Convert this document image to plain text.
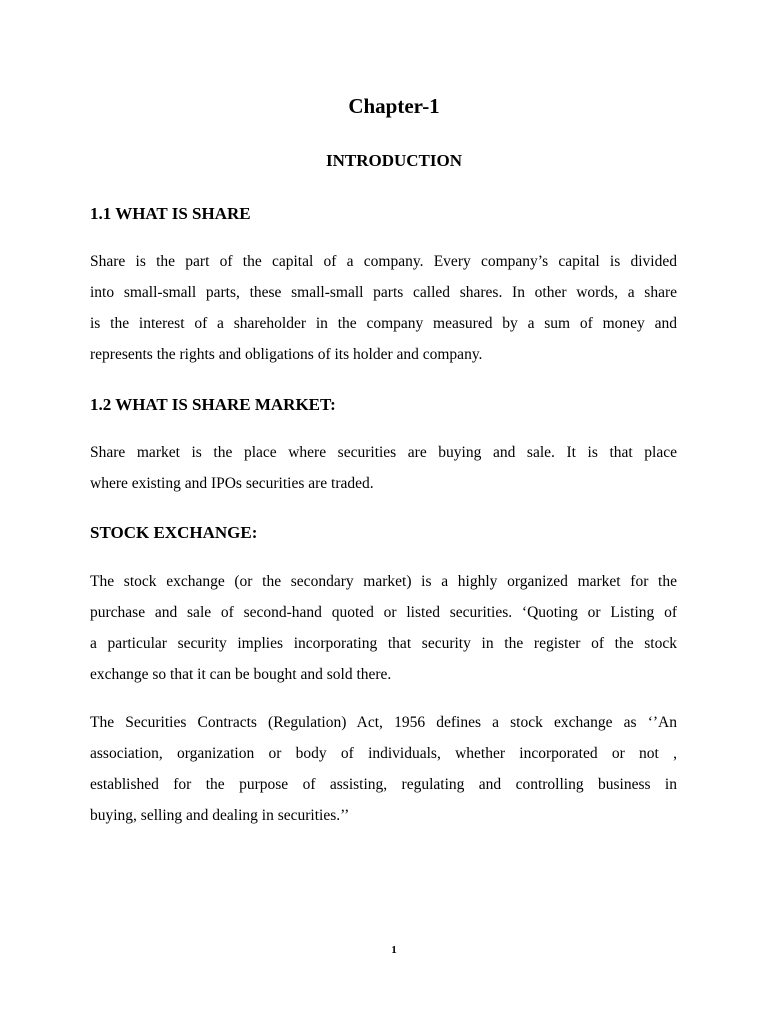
Chapter-1
INTRODUCTION
1.1 WHAT IS SHARE

Share is the part of the capital of a company. Every company’s capital is divided
into small-small parts, these small-small parts called shares. In other words, a share
is the interest of a shareholder in the company measured by a sum of money and
represents the rights and obligations of its holder and company.

1.2 WHAT IS SHARE MARKET:

Share market is the place where securities are buying and sale. It is that place
where existing and IPOs securities are traded.

STOCK EXCHANGE:

The stock exchange (or the secondary market) is a highly organized market for the
purchase and sale of second-hand quoted or listed securities. ‘Quoting or Listing of
a particular security implies incorporating that security in the register of the stock
exchange so that it can be bought and sold there.

The Securities Contracts (Regulation) Act, 1956 defines a stock exchange as ‘’An
association, organization or body of individuals, whether incorporated or not ,
established for the purpose of assisting, regulating and controlling business in
buying, selling and dealing in securities.’’

1
